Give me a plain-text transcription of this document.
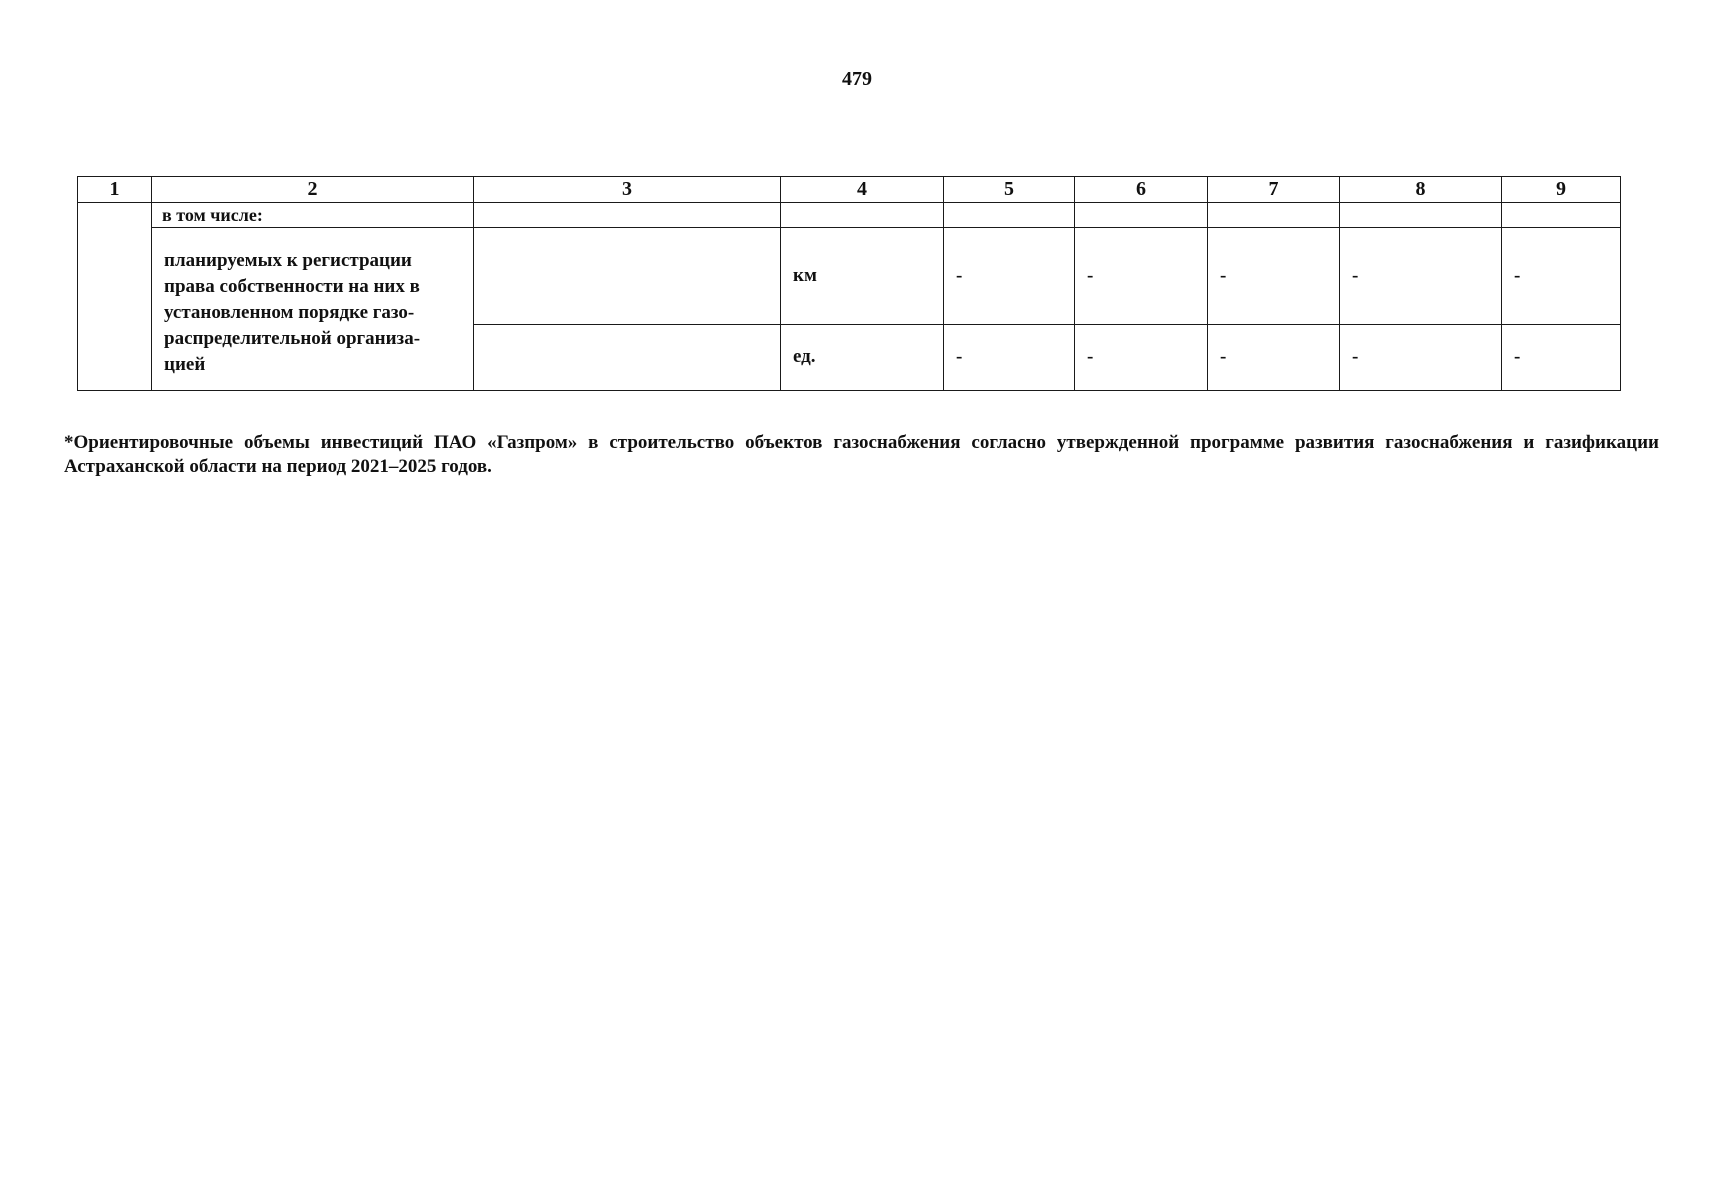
479
1	2	3	4	5	6	7	8	9
	в том числе:							
	планируемых к регистрации права собственности на них в установленном порядке газо-распределительной организа-цией		км	-	-	-	-	-
			ед.	-	-	-	-	-
*Ориентировочные объемы инвестиций ПАО «Газпром» в строительство объектов газоснабжения согласно утвержденной программе развития газоснабжения и газификации Астраханской области на период 2021–2025 годов.
